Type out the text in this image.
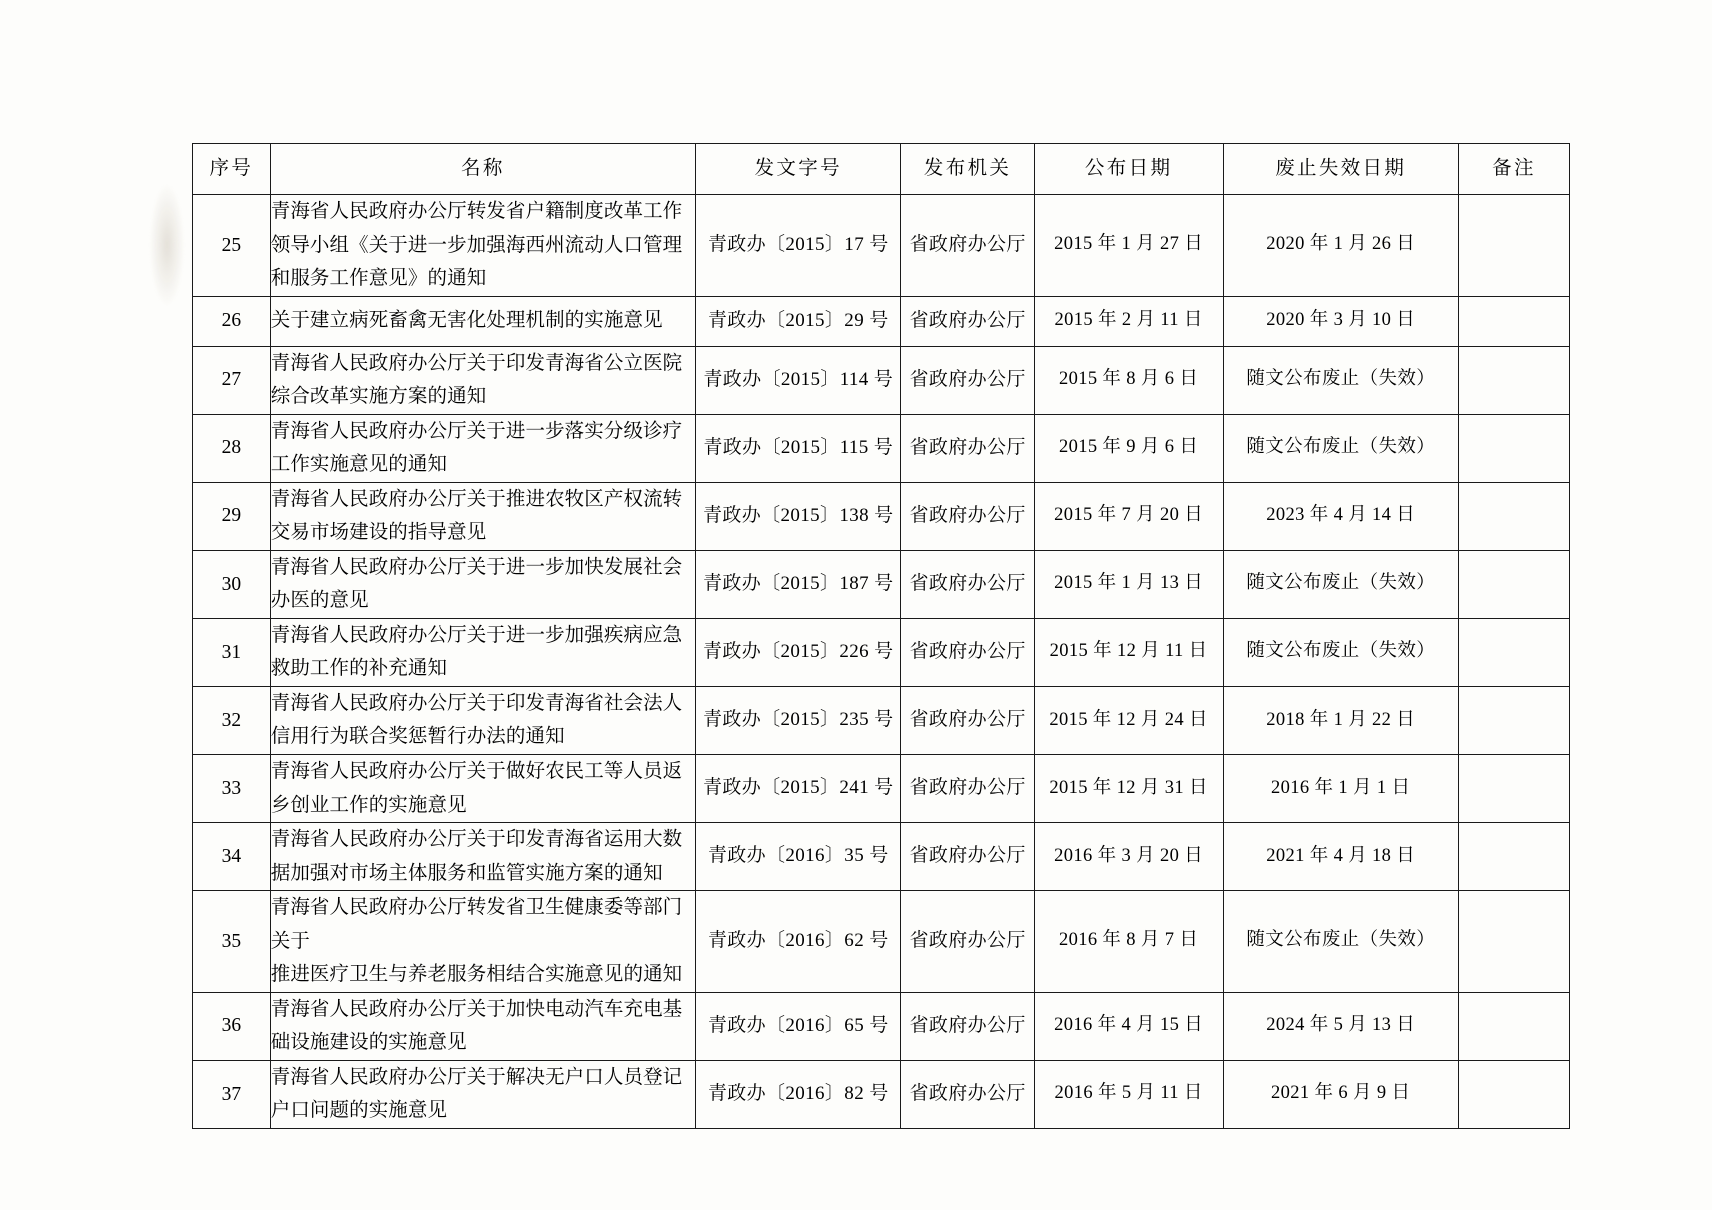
序号	名称	发文字号	发布机关	公布日期	废止失效日期	备注

25	青海省人民政府办公厅转发省户籍制度改革工作
领导小组《关于进一步加强海西州流动人口管理
和服务工作意见》的通知	青政办〔2015〕17 号	省政府办公厅	2015 年 1 月 27 日	2020 年 1 月 26 日	
26	关于建立病死畜禽无害化处理机制的实施意见	青政办〔2015〕29 号	省政府办公厅	2015 年 2 月 11 日	2020 年 3 月 10 日	
27	青海省人民政府办公厅关于印发青海省公立医院
综合改革实施方案的通知	青政办〔2015〕114 号	省政府办公厅	2015 年 8 月 6 日	随文公布废止（失效）	
28	青海省人民政府办公厅关于进一步落实分级诊疗
工作实施意见的通知	青政办〔2015〕115 号	省政府办公厅	2015 年 9 月 6 日	随文公布废止（失效）	
29	青海省人民政府办公厅关于推进农牧区产权流转
交易市场建设的指导意见	青政办〔2015〕138 号	省政府办公厅	2015 年 7 月 20 日	2023 年 4 月 14 日	
30	青海省人民政府办公厅关于进一步加快发展社会
办医的意见	青政办〔2015〕187 号	省政府办公厅	2015 年 1 月 13 日	随文公布废止（失效）	
31	青海省人民政府办公厅关于进一步加强疾病应急
救助工作的补充通知	青政办〔2015〕226 号	省政府办公厅	2015 年 12 月 11 日	随文公布废止（失效）	
32	青海省人民政府办公厅关于印发青海省社会法人
信用行为联合奖惩暂行办法的通知	青政办〔2015〕235 号	省政府办公厅	2015 年 12 月 24 日	2018 年 1 月 22 日	
33	青海省人民政府办公厅关于做好农民工等人员返
乡创业工作的实施意见	青政办〔2015〕241 号	省政府办公厅	2015 年 12 月 31 日	2016 年 1 月 1 日	
34	青海省人民政府办公厅关于印发青海省运用大数
据加强对市场主体服务和监管实施方案的通知	青政办〔2016〕35 号	省政府办公厅	2016 年 3 月 20 日	2021 年 4 月 18 日	
35	青海省人民政府办公厅转发省卫生健康委等部门关于
推进医疗卫生与养老服务相结合实施意见的通知	青政办〔2016〕62 号	省政府办公厅	2016 年 8 月 7 日	随文公布废止（失效）	
36	青海省人民政府办公厅关于加快电动汽车充电基
础设施建设的实施意见	青政办〔2016〕65 号	省政府办公厅	2016 年 4 月 15 日	2024 年 5 月 13 日	
37	青海省人民政府办公厅关于解决无户口人员登记
户口问题的实施意见	青政办〔2016〕82 号	省政府办公厅	2016 年 5 月 11 日	2021 年 6 月 9 日	
